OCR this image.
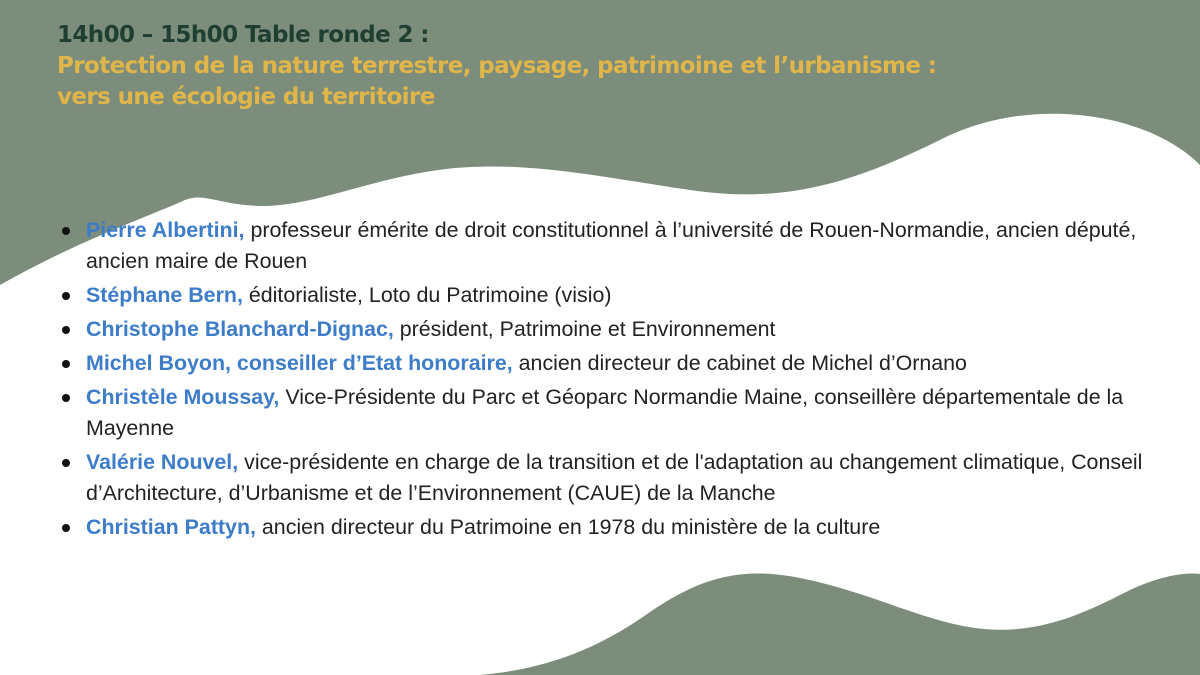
14h00 – 15h00 Table ronde 2 :
Protection de la nature terrestre, paysage, patrimoine et l’urbanisme :
vers une écologie du territoire
Pierre Albertini, professeur émérite de droit constitutionnel à l’université de Rouen-Normandie, ancien député, ancien maire de Rouen
Stéphane Bern, éditorialiste, Loto du Patrimoine (visio)
Christophe Blanchard-Dignac, président, Patrimoine et Environnement
Michel Boyon, conseiller d’Etat honoraire, ancien directeur de cabinet de Michel d’Ornano
Christèle Moussay, Vice-Présidente du Parc et Géoparc Normandie Maine, conseillère départementale de la Mayenne
Valérie Nouvel, vice-présidente en charge de la transition et de l'adaptation au changement climatique, Conseil d’Architecture, d’Urbanisme et de l’Environnement (CAUE) de la Manche
Christian Pattyn, ancien directeur du Patrimoine en 1978 du ministère de la culture
